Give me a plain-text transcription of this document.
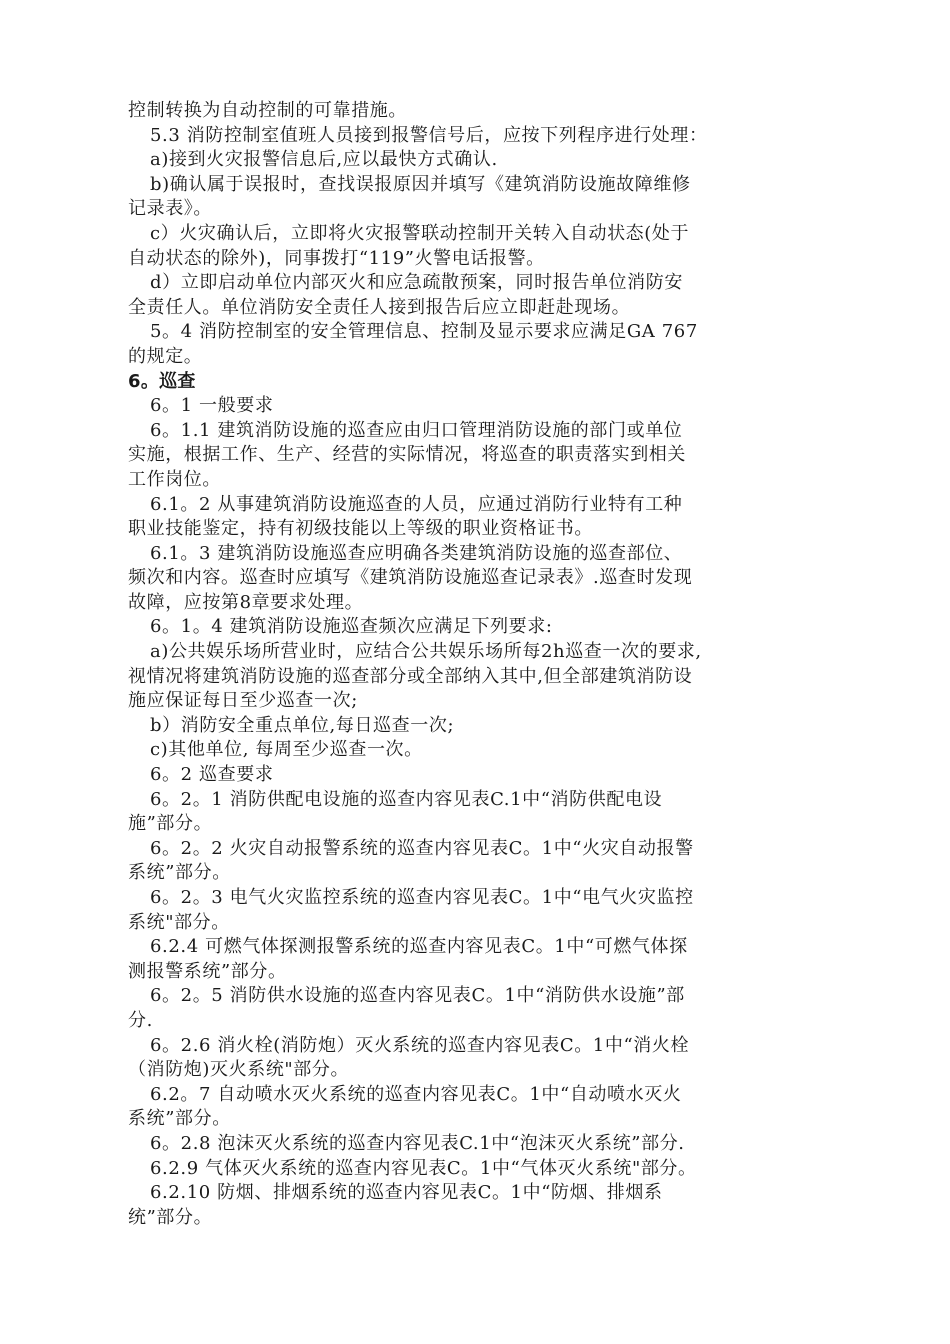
控制转换为自动控制的可靠措施。
5.3 消防控制室值班人员接到报警信号后，应按下列程序进行处理：
a)接到火灾报警信息后,应以最快方式确认.
b)确认属于误报时，查找误报原因并填写《建筑消防设施故障维修
记录表》。
c）火灾确认后，立即将火灾报警联动控制开关转入自动状态(处于
自动状态的除外)，同事拨打“119”火警电话报警。
d）立即启动单位内部灭火和应急疏散预案，同时报告单位消防安
全责任人。单位消防安全责任人接到报告后应立即赶赴现场。
5。4 消防控制室的安全管理信息、控制及显示要求应满足GA 767
的规定。
6。巡查
6。1 一般要求
6。1.1 建筑消防设施的巡查应由归口管理消防设施的部门或单位
实施，根据工作、生产、经营的实际情况，将巡查的职责落实到相关
工作岗位。
6.1。2 从事建筑消防设施巡查的人员，应通过消防行业特有工种
职业技能鉴定，持有初级技能以上等级的职业资格证书。
6.1。3 建筑消防设施巡查应明确各类建筑消防设施的巡查部位、
频次和内容。巡查时应填写《建筑消防设施巡查记录表》.巡查时发现
故障，应按第8章要求处理。
6。1。4 建筑消防设施巡查频次应满足下列要求:
a)公共娱乐场所营业时，应结合公共娱乐场所每2h巡查一次的要求,
视情况将建筑消防设施的巡查部分或全部纳入其中,但全部建筑消防设
施应保证每日至少巡查一次;
b）消防安全重点单位,每日巡查一次;
c)其他单位, 每周至少巡查一次。
6。2 巡查要求
6。2。1 消防供配电设施的巡查内容见表C.1中“消防供配电设
施”部分。
6。2。2 火灾自动报警系统的巡查内容见表C。1中“火灾自动报警
系统”部分。
6。2。3 电气火灾监控系统的巡查内容见表C。1中“电气火灾监控
系统"部分。
6.2.4 可燃气体探测报警系统的巡查内容见表C。1中“可燃气体探
测报警系统”部分。
6。2。5 消防供水设施的巡查内容见表C。1中“消防供水设施”部
分.
6。2.6 消火栓(消防炮）灭火系统的巡查内容见表C。1中“消火栓
（消防炮)灭火系统"部分。
6.2。7 自动喷水灭火系统的巡查内容见表C。1中“自动喷水灭火
系统”部分。
6。2.8 泡沫灭火系统的巡查内容见表C.1中“泡沫灭火系统”部分.
6.2.9 气体灭火系统的巡查内容见表C。1中“气体灭火系统"部分。
6.2.10 防烟、排烟系统的巡查内容见表C。1中“防烟、排烟系
统”部分。
